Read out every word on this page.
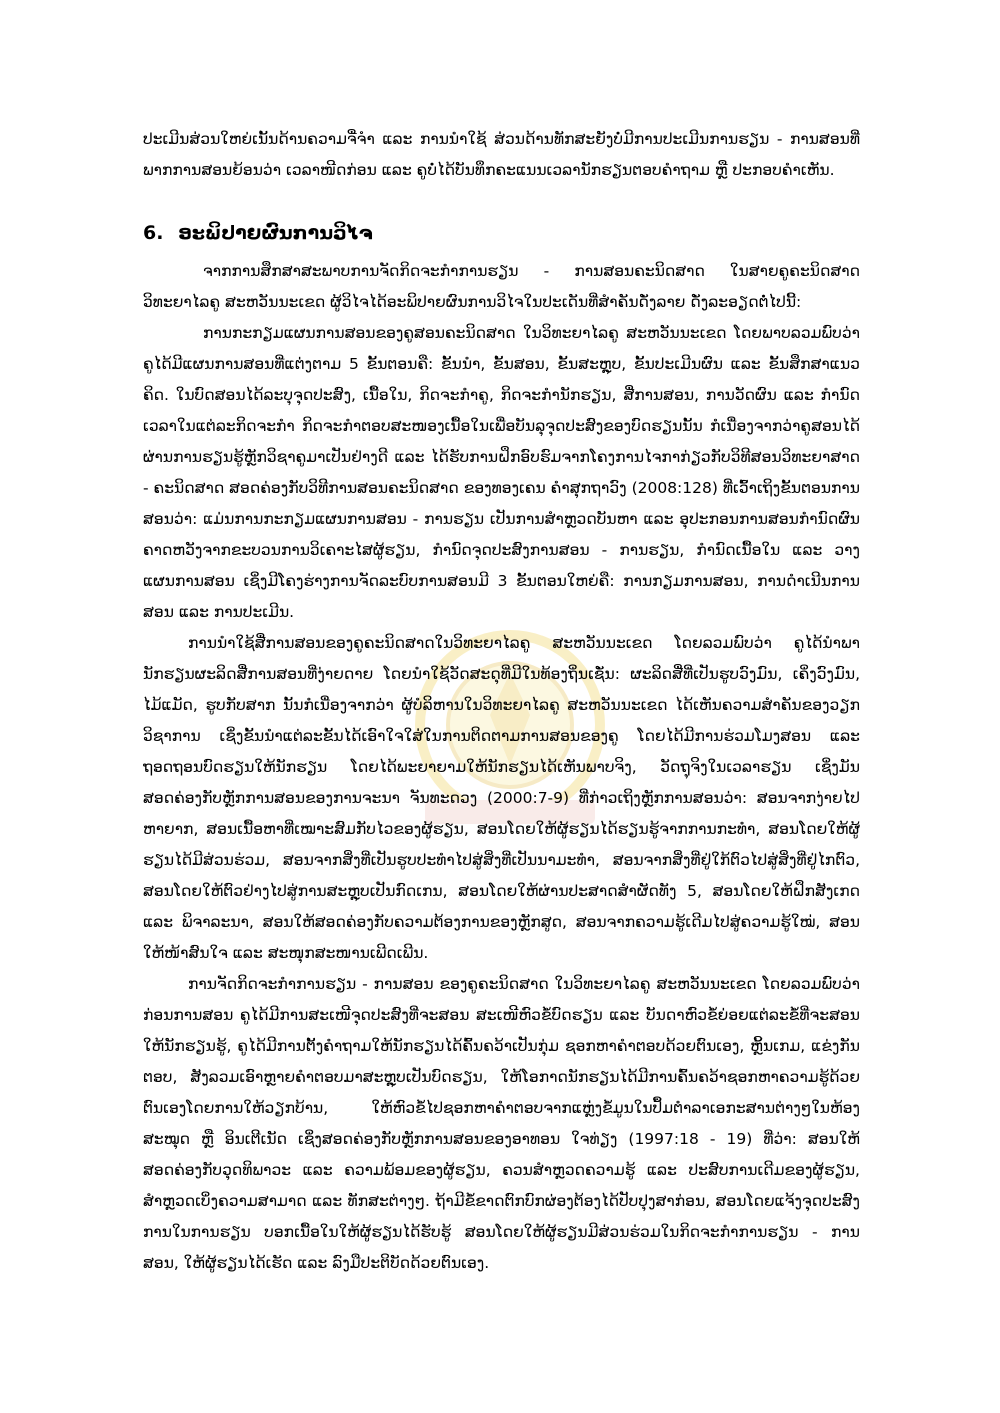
ປະເມີນສ່ວນໃຫຍ່ເນັ້ນດ້ານຄວາມຈື່ຈຳ ແລະ ການນຳໃຊ້ ສ່ວນດ້ານທັກສະຍັງບໍ່ມີການປະເມີນການຮຽນ - ການສອນທີ່ພາກການສອນຍ້ອນວ່າ ເວລາໜີດກ່ອນ ແລະ ຄູບໍ່ໄດ້ບັນທຶກຄະແນນເວລານັກຮຽນຕອບຄຳຖາມ ຫຼື ປະກອບຄຳເຫັນ.

6. ອະພິປາຍຜົນການວິໄຈ

ຈາກການສຶກສາສະພາບການຈັດກິດຈະກຳການຮຽນ - ການສອນຄະນິດສາດ ໃນສາຍຄູຄະນິດສາດ ວິທະຍາໄລຄູ ສະຫວັນນະເຂດ ຜູ້ວິໄຈໄດ້ອະພິປາຍຜົນການວິໄຈໃນປະເດັນທີ່ສຳຄັນດັ່ງລາຍ ດັ່ງລະອຽດຕໍ່ໄປນີ້:

ການກະກຽມແຜນການສອນຂອງຄູສອນຄະນິດສາດ ໃນວິທະຍາໄລຄູ ສະຫວັນນະເຂດ ໂດຍພາບລວມພົບວ່າ ຄູໄດ້ມີແຜນການສອນທີ່ແຕ່ງຕາມ 5 ຂັ້ນຕອນຄື: ຂັ້ນນຳ, ຂັ້ນສອນ, ຂັ້ນສະຫຼຸບ, ຂັ້ນປະເມີນຜົນ ແລະ ຂັ້ນສຶກສາແນວຄິດ. ໃນບົດສອນໄດ້ລະບຸຈຸດປະສົງ, ເນື້ອໃນ, ກິດຈະກຳຄູ, ກິດຈະກຳນັກຮຽນ, ສື່ການສອນ, ການວັດຜົນ ແລະ ກຳນົດເວລາໃນແຕ່ລະກິດຈະກຳ ກິດຈະກຳຕອບສະໜອງເນື້ອໃນເພື່ອບັນລຸຈຸດປະສົງຂອງບົດຮຽນນັ້ນ ກໍເນື່ອງຈາກວ່າຄູສອນໄດ້ຜ່ານການຮຽນຮູ້ຫຼັກວິຊາຄູມາເປັນຢ່າງດີ ແລະ ໄດ້ຮັບການຝຶກອົບຮົມຈາກໂຄງການໄຈກາກ່ຽວກັບວິທີສອນວິທະຍາສາດ - ຄະນິດສາດ ສອດຄ່ອງກັບວິທີການສອນຄະນິດສາດ ຂອງທອງເຄນ ຄຳສຸກຖາວົງ (2008:128) ທີ່ເວົ້າເຖິງຂັ້ນຕອນການສອນວ່າ: ແມ່ນການກະກຽມແຜນການສອນ - ການຮຽນ ເປັນການສຳຫຼວດບັນຫາ ແລະ ອຸປະກອນການສອນກຳນົດຜົນຄາດຫວັງຈາກຂະບວນການວິເຄາະໄສຜູ້ຮຽນ, ກຳນົດຈຸດປະສົງການສອນ - ການຮຽນ, ກຳນົດເນື້ອໃນ ແລະ ວາງແຜນການສອນ ເຊິ່ງມີໂຄງຮ່າງການຈັດລະບົບການສອນມີ 3 ຂັ້ນຕອນໃຫຍ່ຄື: ການກຽມການສອນ, ການດຳເນີນການສອນ ແລະ ການປະເມີນ.

ການນຳໃຊ້ສື່ການສອນຂອງຄູຄະນິດສາດໃນວິທະຍາໄລຄູ ສະຫວັນນະເຂດ ໂດຍລວມພົບວ່າ ຄູໄດ້ນຳພານັກຮຽນຜະລິດສື່ການສອນທີ່ງ່າຍດາຍ ໂດຍນຳໃຊ້ວັດສະດຸທີ່ມີໃນທ້ອງຖິ່ນເຊັ່ນ: ຜະລິດສື່ທີ່ເປັນຮູບວົງມົນ, ເຄິ່ງວົງມົນ, ໄມ້ແມັດ, ຮູບກັບສາກ ນັ້ນກໍເນື່ອງຈາກວ່າ ຜູ້ບໍລິຫານໃນວິທະຍາໄລຄູ ສະຫວັນນະເຂດ ໄດ້ເຫັນຄວາມສຳຄັນຂອງວຽກວິຊາການ ເຊິ່ງຂັ້ນນຳແຕ່ລະຂັ້ນໄດ້ເອົາໃຈໃສ່ໃນການຕິດຕາມການສອນຂອງຄູ ໂດຍໄດ້ມີການຮ່ວມໂມງສອນ ແລະ ຖອດຖອນບົດຮຽນໃຫ້ນັກຮຽນ ໂດຍໄດ້ພະຍາຍາມໃຫ້ນັກຮຽນໄດ້ເຫັນພາບຈິງ, ວັດຖຸຈິງໃນເວລາຮຽນ ເຊິ່ງມັນສອດຄ່ອງກັບຫຼັກການສອນຂອງການຈະນາ ຈັນທະດວງ (2000:7-9) ທີ່ກ່າວເຖິງຫຼັກການສອນວ່າ: ສອນຈາກງ່າຍໄປຫາຍາກ, ສອນເນື້ອຫາທີ່ເໝາະສົມກັບໄວຂອງຜູ້ຮຽນ, ສອນໂດຍໃຫ້ຜູ້ຮຽນໄດ້ຮຽນຮູ້ຈາກການກະທຳ, ສອນໂດຍໃຫ້ຜູ້ຮຽນໄດ້ມີສ່ວນຮ່ວມ, ສອນຈາກສິ່ງທີ່ເປັນຮູບປະທຳໄປສູ່ສິ່ງທີ່ເປັນນາມະທຳ, ສອນຈາກສິ່ງທີ່ຢູ່ໃກ້ຕົວໄປສູ່ສິ່ງທີ່ຢູ່ໄກຕົວ, ສອນໂດຍໃຫ້ຕົວຢ່າງໄປສູ່ການສະຫຼຸບເປັນກົດເກນ, ສອນໂດຍໃຫ້ຜ່ານປະສາດສຳຜັດທັງ 5, ສອນໂດຍໃຫ້ຝຶກສັງເກດ ແລະ ພິຈາລະນາ, ສອນໃຫ້ສອດຄ່ອງກັບຄວາມຕ້ອງການຂອງຫຼັກສູດ, ສອນຈາກຄວາມຮູ້ເດີມໄປສູ່ຄວາມຮູ້ໃໝ່, ສອນໃຫ້ໜ້າສົນໃຈ ແລະ ສະໜຸກສະໜານເພີດເພີນ.

ການຈັດກິດຈະກຳການຮຽນ - ການສອນ ຂອງຄູຄະນິດສາດ ໃນວິທະຍາໄລຄູ ສະຫວັນນະເຂດ ໂດຍລວມພົບວ່າ ກ່ອນການສອນ ຄູໄດ້ມີການສະເໜີຈຸດປະສົງທີ່ຈະສອນ ສະເໜີຫົວຂໍ້ບົດຮຽນ ແລະ ບັນດາຫົວຂໍ້ຍ່ອຍແຕ່ລະຂໍ້ທີ່ຈະສອນໃຫ້ນັກຮຽນຮູ້, ຄູໄດ້ມີການຕັ້ງຄຳຖາມໃຫ້ນັກຮຽນໄດ້ຄົ້ນຄວ້າເປັນກຸ່ມ ຊອກຫາຄຳຕອບດ້ວຍຕົນເອງ, ຫຼິ້ນເກມ, ແຂ່ງກັນຕອບ, ສັງລວມເອົາຫຼາຍຄຳຕອບມາສະຫຼຸບເປັນບົດຮຽນ, ໃຫ້ໂອກາດນັກຮຽນໄດ້ມີການຄົ້ນຄວ້າຊອກຫາຄວາມຮູ້ດ້ວຍຕົນເອງໂດຍການໃຫ້ວຽກບ້ານ, ໃຫ້ຫົວຂໍ້ໄປຊອກຫາຄຳຕອບຈາກແຫຼ່ງຂໍ້ມູນໃນປຶ້ມຕຳລາເອກະສານຕ່າງໆໃນຫ້ອງສະໝຸດ ຫຼື ອິນເຕີເນັດ ເຊິ່ງສອດຄ່ອງກັບຫຼັກການສອນຂອງອາທອນ ໃຈທ່ຽງ (1997:18 - 19) ທີ່ວ່າ: ສອນໃຫ້ສອດຄ່ອງກັບວຸດທິພາວະ ແລະ ຄວາມພ້ອມຂອງຜູ້ຮຽນ, ຄວນສຳຫຼວດຄວາມຮູ້ ແລະ ປະສົບການເດີມຂອງຜູ້ຮຽນ, ສຳຫຼວດເບິ່ງຄວາມສາມາດ ແລະ ທັກສະຕ່າງໆ. ຖ້າມີຂໍ້ຂາດຕົກບົກຜ່ອງຕ້ອງໄດ້ປັບປຸງສາກ່ອນ, ສອນໂດຍແຈ້ງຈຸດປະສົງການໃນການຮຽນ ບອກເນື້ອໃນໃຫ້ຜູ້ຮຽນໄດ້ຮັບຮູ້ ສອນໂດຍໃຫ້ຜູ້ຮຽນມີສ່ວນຮ່ວມໃນກິດຈະກຳການຮຽນ - ການສອນ, ໃຫ້ຜູ້ຮຽນໄດ້ເຮັດ ແລະ ລົງມືປະຕິບັດດ້ວຍຕົນເອງ.
